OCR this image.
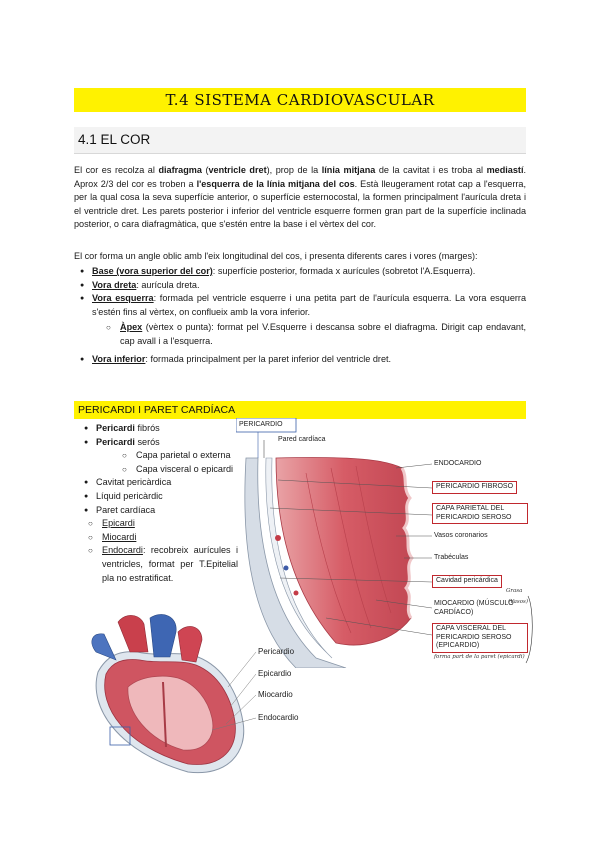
T.4 SISTEMA CARDIOVASCULAR
4.1 EL COR
El cor es recolza al diafragma (ventricle dret), prop de la línia mitjana de la cavitat i es troba al mediastí. Aprox 2/3 del cor es troben a l'esquerra de la línia mitjana del cos. Està lleugerament rotat cap a l'esquerra, per la qual cosa la seva superfície anterior, o superfície esternocostal, la formen principalment l'aurícula dreta i el ventricle dret. Les parets posterior i inferior del ventricle esquerre formen gran part de la superfície inclinada posterior, o cara diafragmàtica, que s'estén entre la base i el vèrtex del cor.
El cor forma un angle oblic amb l'eix longitudinal del cos, i presenta diferents cares i vores (marges):
● Base (vora superior del cor): superfície posterior, formada x aurícules (sobretot l'A.Esquerra).
● Vora dreta: aurícula dreta.
● Vora esquerra: formada pel ventricle esquerre i una petita part de l'aurícula esquerra. La vora esquerra s'estén fins al vèrtex, on conflueix amb la vora inferior.
○ Àpex (vèrtex o punta): format pel V.Esquerre i descansa sobre el diafragma. Dirigit cap endavant, cap avall i a l'esquerra.
● Vora inferior: formada principalment per la paret inferior del ventricle dret.
PERICARDI I PARET CARDÍACA
● Pericardi fibrós
● Pericardi serós
○ Capa parietal o externa
○ Capa visceral o epicardi
● Cavitat pericàrdica
● Líquid pericàrdic
● Paret cardíaca
○ Epicardi
○ Miocardi
○ Endocardi: recobreix aurícules i ventricles, format per T.Epitelial pla no estratificat.
PERICARDIO
Pared cardíaca
ENDOCARDIO
PERICARDIO FIBROSO
CAPA PARIETAL DEL PERICARDIO SEROSO
Vasos coronarios
Trabéculas
Cavidad pericárdica
MIOCARDIO (MÚSCULO CARDÍACO)
CAPA VISCERAL DEL PERICARDIO SEROSO (EPICARDIO)
Grasa
(Vasos)
forma part de la paret (epicardi)
Pericardio
Epicardio
Miocardio
Endocardio
